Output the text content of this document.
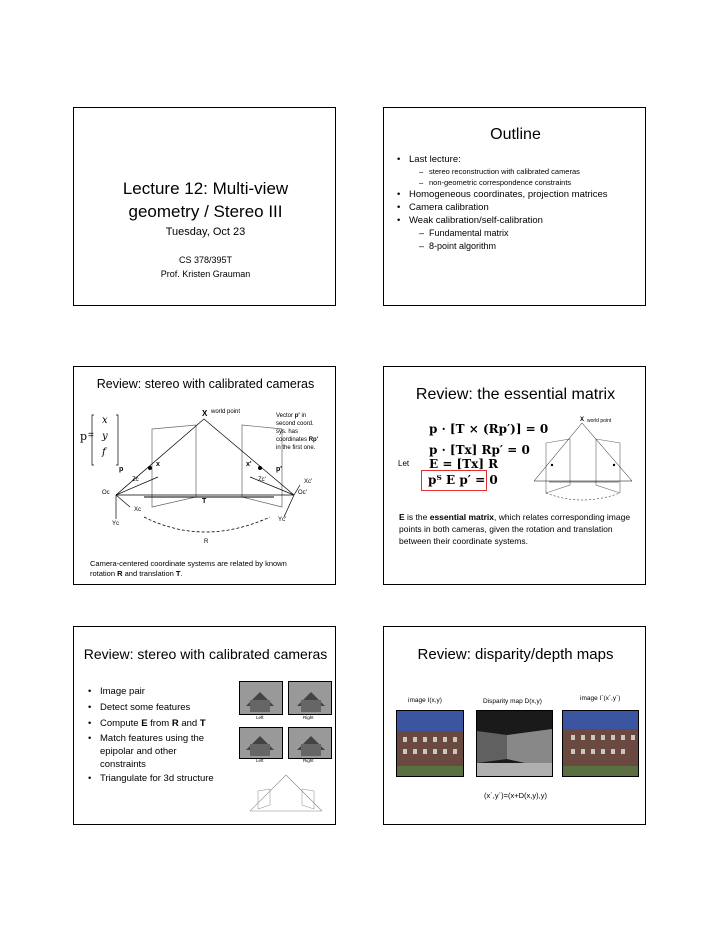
Lecture 12: Multi-view
geometry / Stereo III
Tuesday, Oct 23
CS 378/395T
Prof. Kristen Grauman
Outline
• Last lecture:
– stereo reconstruction with calibrated cameras
– non-geometric correspondence constraints
• Homogeneous coordinates, projection matrices
• Camera calibration
• Weak calibration/self-calibration
– Fundamental matrix
– 8-point algorithm
Review: stereo with calibrated cameras
p =
x
y
f
X world point
Vector p' in
second coord.
sys. has
coordinates Rp'
in the first one.
p
x	x'
p'
Oc	Oc'
Zc	Zc'
Xc
Xc'
Yc
Yc'
T
R
Camera-centered coordinate systems are related by known
rotation R and translation T.
Review: the essential matrix
p · [T × (Rp′)] = 0
p · [Tx] Rp′ = 0
Let E = [Tx] R
pᵀ E p′ = 0
X world point
E is the essential matrix, which relates corresponding image points in both cameras, given the rotation and translation between their coordinate systems.
Review: stereo with calibrated cameras
• Image pair
• Detect some features
• Compute E from R and T
• Match features using the
epipolar and other
constraints
• Triangulate for 3d structure
Left	Right
Left	Right
Review: disparity/depth maps
image I(x,y)	Disparity map D(x,y)	image I´(x´,y´)
(x´,y´)=(x+D(x,y),y)
